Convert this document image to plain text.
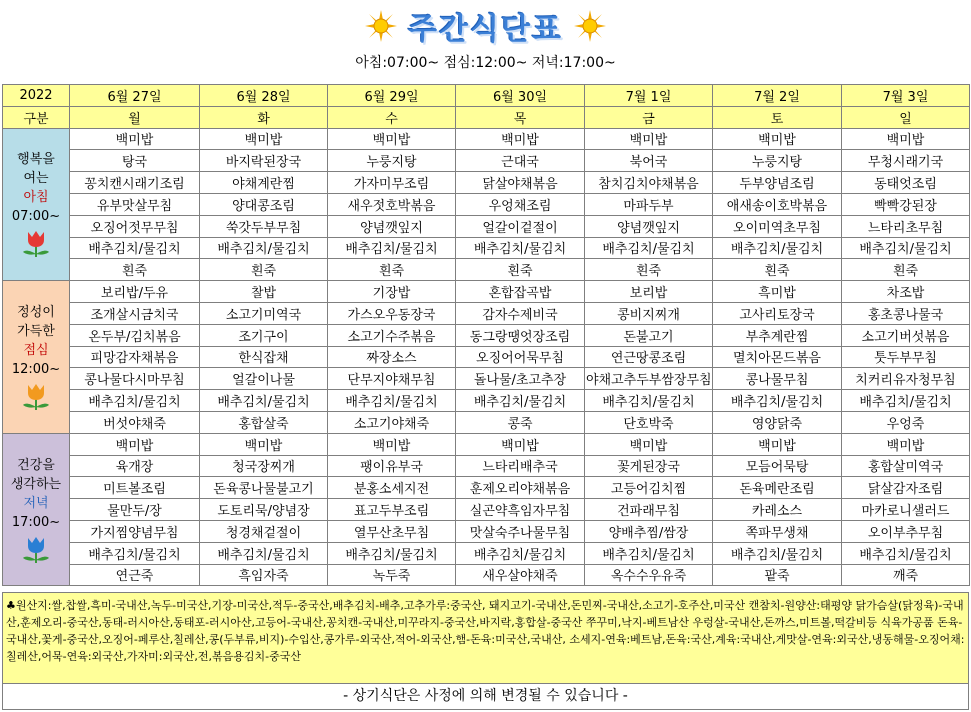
주간식단표
아침:07:00~ 점심:12:00~ 저녁:17:00~
2022	6월 27일	6월 28일	6월 29일	6월 30일	7월 1일	7월 2일	7월 3일
구분	월	화	수	목	금	토	일

행복을
여는
아침
07:00~	백미밥	백미밥	백미밥	백미밥	백미밥	백미밥	백미밥
	탕국	바지락된장국	누룽지탕	근대국	북어국	누룽지탕	무청시래기국
	꽁치캔시래기조림	야채계란찜	가자미무조림	닭살야채볶음	참치김치야채볶음	두부양념조림	동태엇조림
	유부맛살무침	양대콩조림	새우젓호박볶음	우엉채조림	마파두부	애새송이호박볶음	빡빡강된장
	오징어젓무무침	쑥갓두부무침	양념깻잎지	얼갈이겉절이	양념깻잎지	오이미역초무침	느타리초무침
	배추김치/물김치	배추김치/물김치	배추김치/물김치	배추김치/물김치	배추김치/물김치	배추김치/물김치	배추김치/물김치
	흰죽	흰죽	흰죽	흰죽	흰죽	흰죽	흰죽

정성이
가득한
점심
12:00~	보리밥/두유	찰밥	기장밥	혼합잡곡밥	보리밥	흑미밥	차조밥
	조개살시금치국	소고기미역국	가스오우동장국	감자수제비국	콩비지찌개	고사리토장국	홍초콩나물국
	온두부/김치볶음	조기구이	소고기수주볶음	동그랑땡엇장조림	돈불고기	부추계란찜	소고기버섯볶음
	피망감자채볶음	한식잡채	짜장소스	오징어어묵무침	연근땅콩조림	멸치아몬드볶음	툿두부무침
	콩나물다시마무침	얼갈이나물	단무지야채무침	돌나물/초고추장	야채고추두부쌈장무침	콩나물무침	치커리유자청무침
	배추김치/물김치	배추김치/물김치	배추김치/물김치	배추김치/물김치	배추김치/물김치	배추김치/물김치	배추김치/물김치
	버섯야채죽	홍합살죽	소고기야채죽	콩죽	단호박죽	영양닭죽	우엉죽

건강을
생각하는
저녁
17:00~	백미밥	백미밥	백미밥	백미밥	백미밥	백미밥	백미밥
	육개장	청국장찌개	팽이유부국	느타리배추국	꽃게된장국	모듬어묵탕	홍합살미역국
	미트볼조림	돈육콩나물불고기	분홍소세지전	훈제오리야채볶음	고등어김치찜	돈육메란조림	닭살감자조림
	물만두/장	도토리묵/양념장	표고두부조림	실곤약흑임자무침	건파래무침	카레소스	마카로니샐러드
	가지찜양념무침	청경채겉절이	열무산초무침	맛살숙주나물무침	양배추찜/쌈장	쪽파무생채	오이부추무침
	배추김치/물김치	배추김치/물김치	배추김치/물김치	배추김치/물김치	배추김치/물김치	배추김치/물김치	배추김치/물김치
	연근죽	흑임자죽	녹두죽	새우살야채죽	옥수수우유죽	팥죽	깨죽
♣원산지:쌀,찹쌀,흑미-국내산,녹두-미국산,기장-미국산,적두-중국산,배추김치-배추,고추가루:중국산, 돼지고기-국내산,돈민찌-국내산,소고기-호주산,미국산 캔참치-원양산:태평양 닭가슴살(닭정육)-국내산,훈제오리-중국산,동태-러시아산,동태포-러시아산,고등어-국내산,꽁치캔-국내산,미꾸라지-중국산,바지락,홍합살-중국산 쭈꾸미,낙지-베트남산 우렁살-국내산,돈까스,미트볼,떡갈비등 식육가공품 돈육-국내산,꽃게-중국산,오징어-페루산,칠레산,콩(두부류,비지)-수입산,콩가루-외국산,적어-외국산,햄-돈육:미국산,국내산, 소세지-연육:베트남,돈육:국산,계육:국내산,게맛살-연육:외국산,냉동해물-오징어채:칠레산,어묵-연육:외국산,가자미:외국산,전,볶음용김치-중국산
- 상기식단은 사정에 의해 변경될 수 있습니다 -
